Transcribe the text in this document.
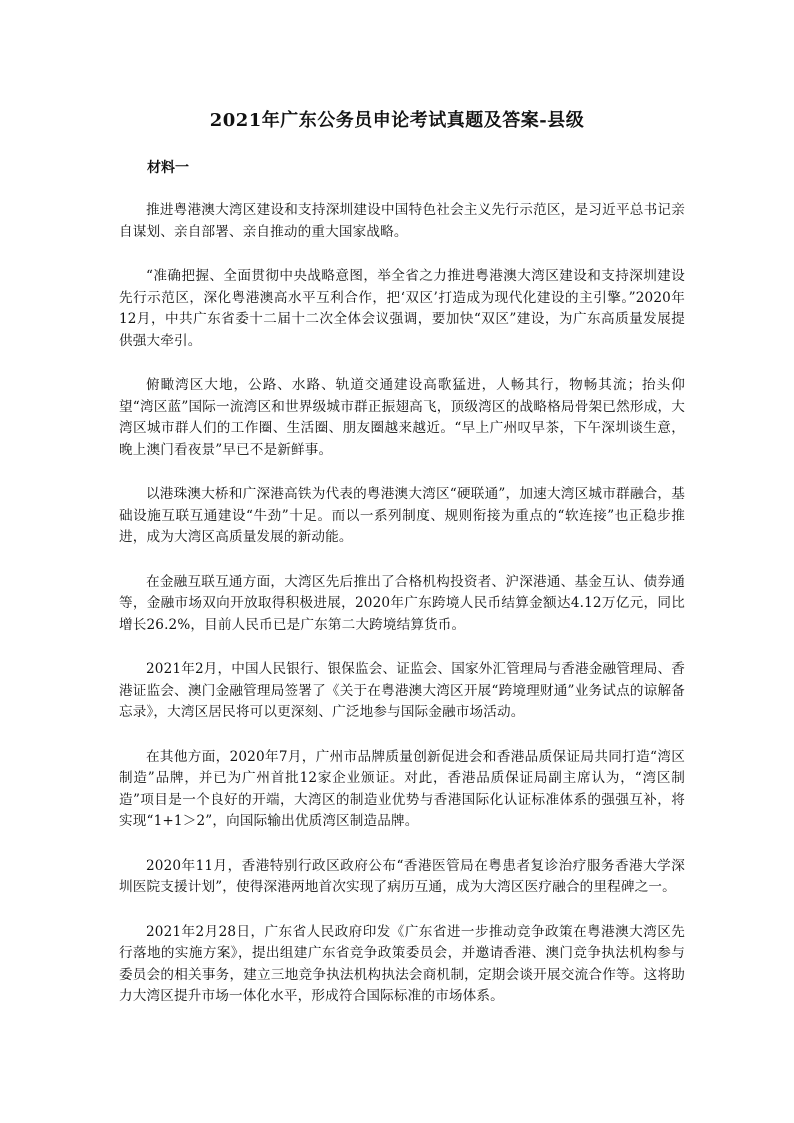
2021年广东公务员申论考试真题及答案-县级
材料一

推进粤港澳大湾区建设和支持深圳建设中国特色社会主义先行示范区，是习近平总书记亲自谋划、亲自部署、亲自推动的重大国家战略。

“准确把握、全面贯彻中央战略意图，举全省之力推进粤港澳大湾区建设和支持深圳建设先行示范区，深化粤港澳高水平互利合作，把‘双区’打造成为现代化建设的主引擎。”2020年12月，中共广东省委十二届十二次全体会议强调，要加快“双区”建设，为广东高质量发展提供强大牵引。

俯瞰湾区大地，公路、水路、轨道交通建设高歌猛进，人畅其行，物畅其流；抬头仰望“湾区蓝”国际一流湾区和世界级城市群正振翅高飞，顶级湾区的战略格局骨架已然形成，大湾区城市群人们的工作圈、生活圈、朋友圈越来越近。“早上广州叹早茶，下午深圳谈生意，晚上澳门看夜景”早已不是新鲜事。

以港珠澳大桥和广深港高铁为代表的粤港澳大湾区“硬联通”，加速大湾区城市群融合，基础设施互联互通建设“牛劲”十足。而以一系列制度、规则衔接为重点的“软连接”也正稳步推进，成为大湾区高质量发展的新动能。

在金融互联互通方面，大湾区先后推出了合格机构投资者、沪深港通、基金互认、债券通等，金融市场双向开放取得积极进展，2020年广东跨境人民币结算金额达4.12万亿元，同比增长26.2%，目前人民币已是广东第二大跨境结算货币。

2021年2月，中国人民银行、银保监会、证监会、国家外汇管理局与香港金融管理局、香港证监会、澳门金融管理局签署了《关于在粤港澳大湾区开展“跨境理财通”业务试点的谅解备忘录》，大湾区居民将可以更深刻、广泛地参与国际金融市场活动。

在其他方面，2020年7月，广州市品牌质量创新促进会和香港品质保证局共同打造“湾区制造”品牌，并已为广州首批12家企业颁证。对此，香港品质保证局副主席认为，“湾区制造”项目是一个良好的开端，大湾区的制造业优势与香港国际化认证标准体系的强强互补，将实现“1+1＞2”，向国际输出优质湾区制造品牌。

2020年11月，香港特别行政区政府公布“香港医管局在粤患者复诊治疗服务香港大学深圳医院支援计划”，使得深港两地首次实现了病历互通，成为大湾区医疗融合的里程碑之一。

2021年2月28日，广东省人民政府印发《广东省进一步推动竞争政策在粤港澳大湾区先行落地的实施方案》，提出组建广东省竞争政策委员会，并邀请香港、澳门竞争执法机构参与委员会的相关事务，建立三地竞争执法机构执法会商机制，定期会谈开展交流合作等。这将助力大湾区提升市场一体化水平，形成符合国际标准的市场体系。
